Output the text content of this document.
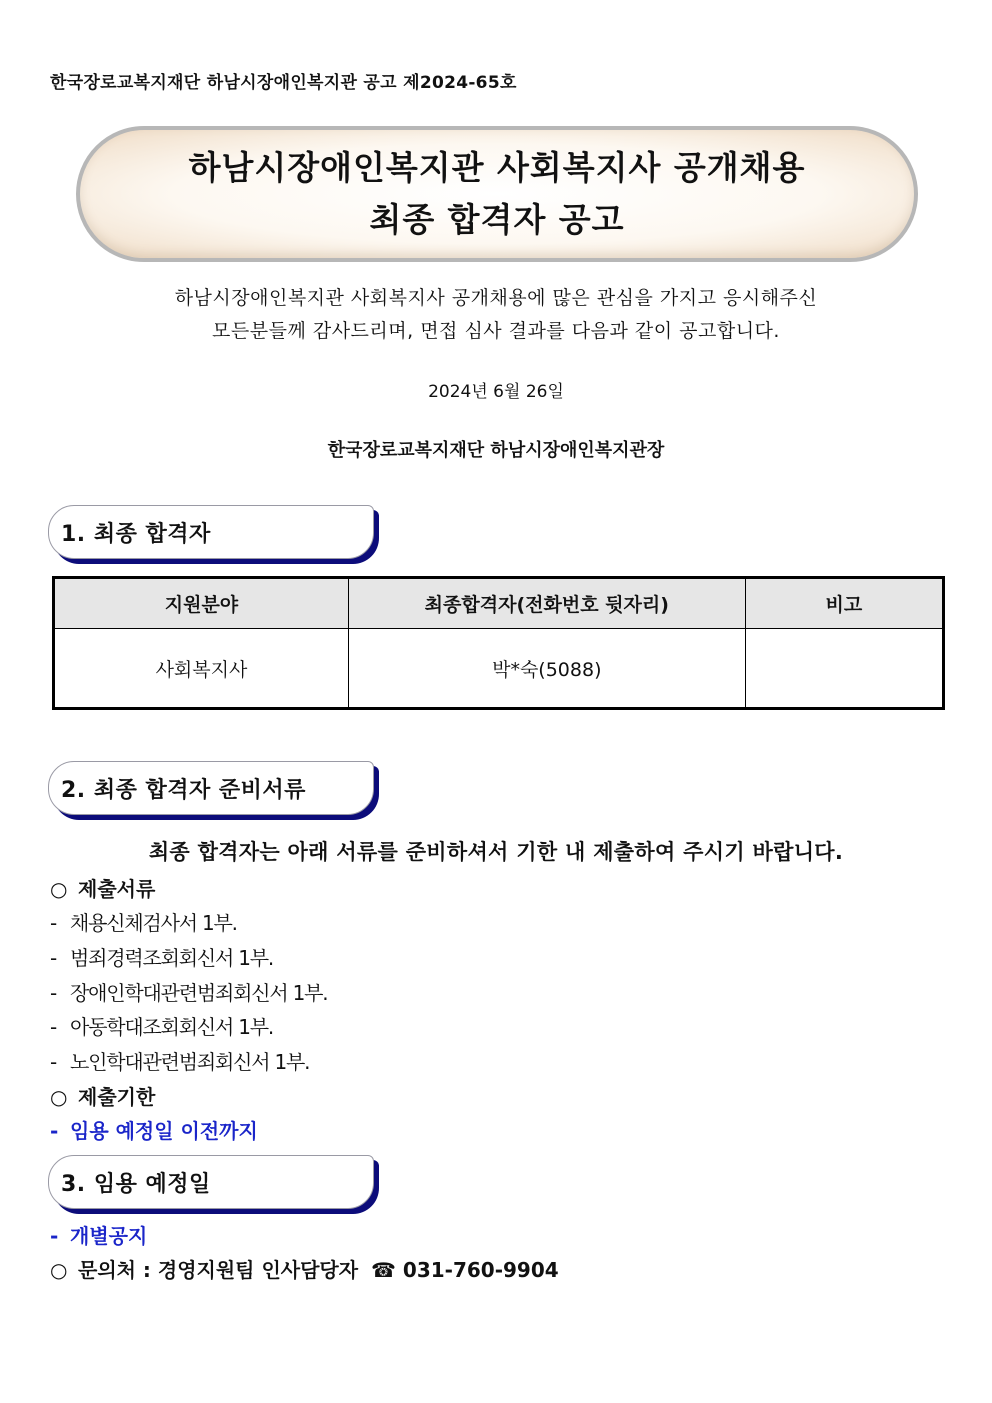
한국장로교복지재단 하남시장애인복지관 공고 제2024-65호
하남시장애인복지관 사회복지사 공개채용
최종 합격자 공고
하남시장애인복지관 사회복지사 공개채용에 많은 관심을 가지고 응시해주신
모든분들께 감사드리며, 면접 심사 결과를 다음과 같이 공고합니다.
2024년 6월 26일
한국장로교복지재단 하남시장애인복지관장
1. 최종 합격자
지원분야	최종합격자(전화번호 뒷자리)	비고
사회복지사	박*숙(5088)	
2. 최종 합격자 준비서류
최종 합격자는 아래 서류를 준비하셔서 기한 내 제출하여 주시기 바랍니다.
○ 제출서류
- 채용신체검사서 1부.
- 범죄경력조회회신서 1부.
- 장애인학대관련범죄회신서 1부.
- 아동학대조회회신서 1부.
- 노인학대관련범죄회신서 1부.
○ 제출기한
- 임용 예정일 이전까지
3. 임용 예정일
- 개별공지
○ 문의처 : 경영지원팀 인사담당자 ☎ 031-760-9904
